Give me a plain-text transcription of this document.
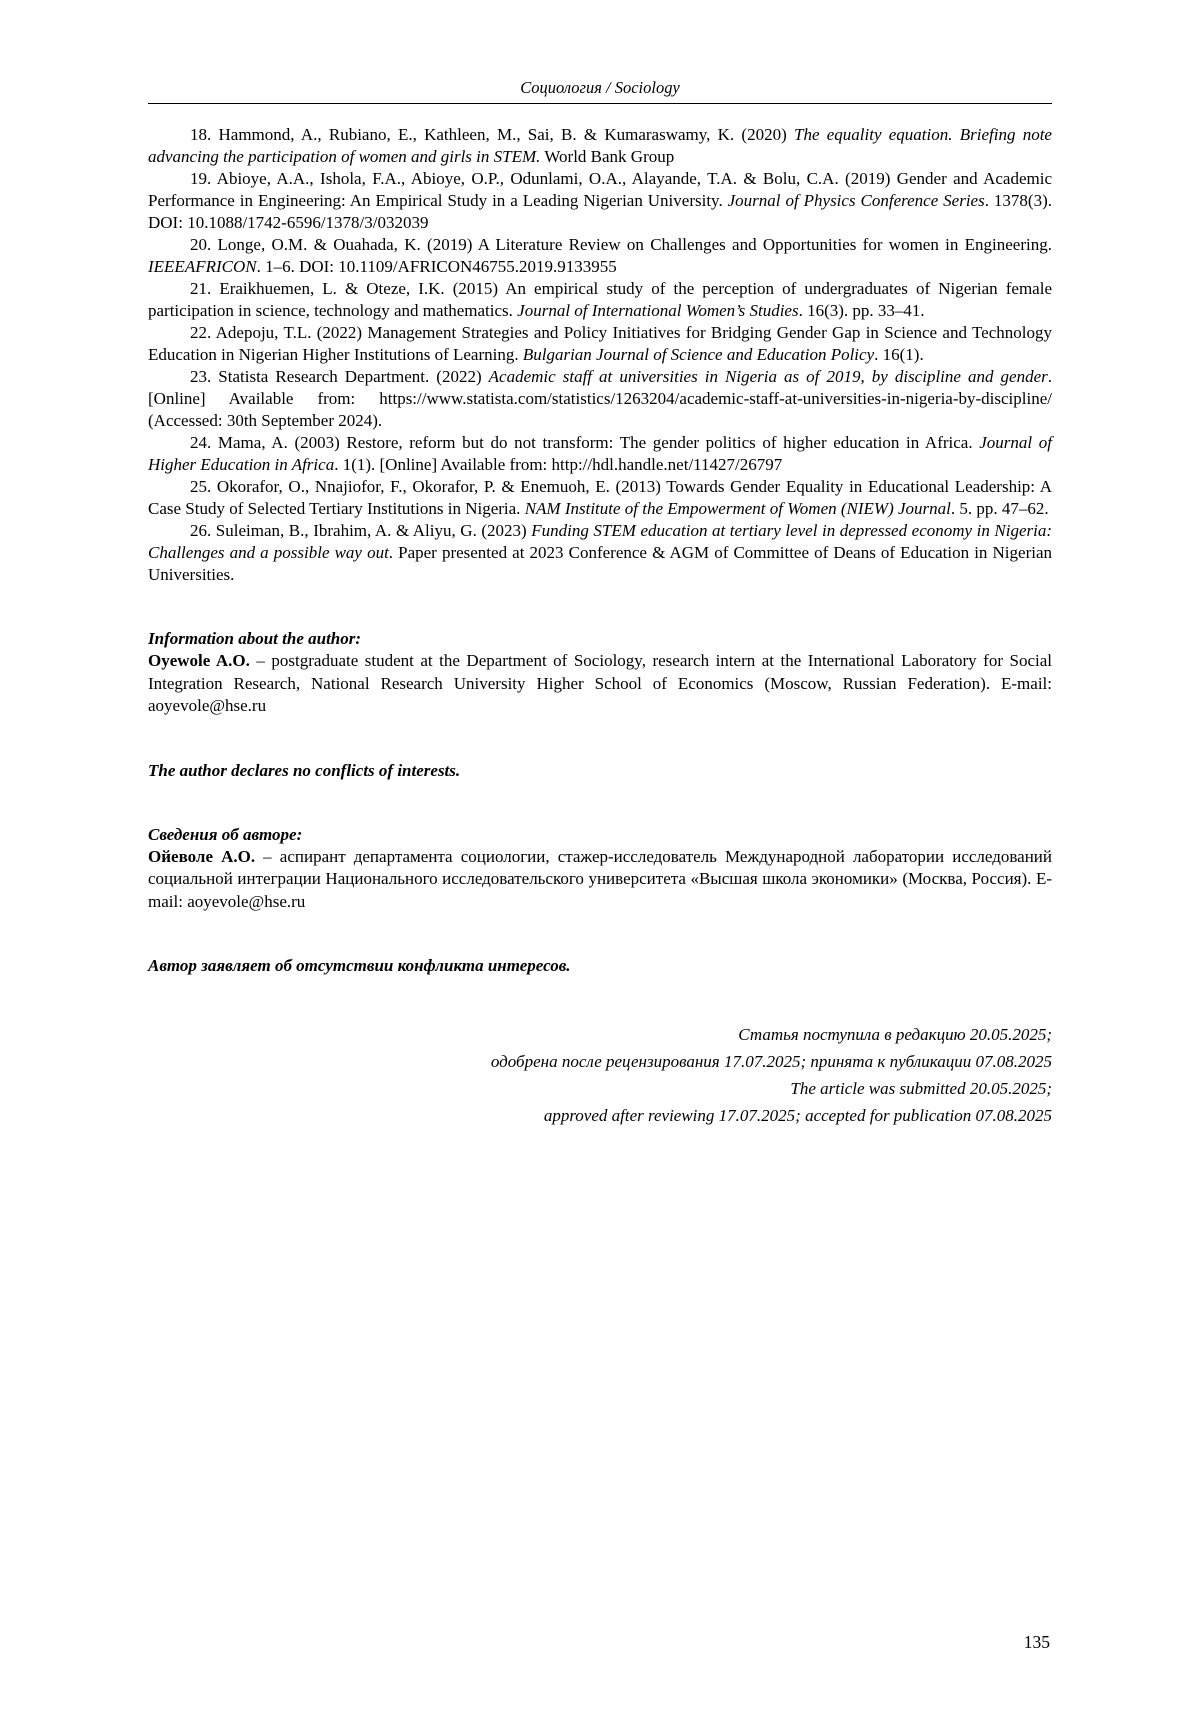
Социология / Sociology

18. Hammond, A., Rubiano, E., Kathleen, M., Sai, B. & Kumaraswamy, K. (2020) The equality equation. Briefing note advancing the participation of women and girls in STEM. World Bank Group

19. Abioye, A.A., Ishola, F.A., Abioye, O.P., Odunlami, O.A., Alayande, T.A. & Bolu, C.A. (2019) Gender and Academic Performance in Engineering: An Empirical Study in a Leading Nigerian University. Journal of Physics Conference Series. 1378(3). DOI: 10.1088/1742-6596/1378/3/032039

20. Longe, O.M. & Ouahada, K. (2019) A Literature Review on Challenges and Opportunities for women in Engineering. IEEEAFRICON. 1–6. DOI: 10.1109/AFRICON46755.2019.9133955

21. Eraikhuemen, L. & Oteze, I.K. (2015) An empirical study of the perception of undergraduates of Nigerian female participation in science, technology and mathematics. Journal of International Women’s Studies. 16(3). pp. 33–41.

22. Adepoju, T.L. (2022) Management Strategies and Policy Initiatives for Bridging Gender Gap in Science and Technology Education in Nigerian Higher Institutions of Learning. Bulgarian Journal of Science and Education Policy. 16(1).

23. Statista Research Department. (2022) Academic staff at universities in Nigeria as of 2019, by discipline and gender. [Online] Available from: https://www.statista.com/statistics/1263204/academic-staff-at-universities-in-nigeria-by-discipline/ (Accessed: 30th September 2024).

24. Mama, A. (2003) Restore, reform but do not transform: The gender politics of higher education in Africa. Journal of Higher Education in Africa. 1(1). [Online] Available from: http://hdl.handle.net/11427/26797

25. Okorafor, O., Nnajiofor, F., Okorafor, P. & Enemuoh, E. (2013) Towards Gender Equality in Educational Leadership: A Case Study of Selected Tertiary Institutions in Nigeria. NAM Institute of the Empowerment of Women (NIEW) Journal. 5. pp. 47–62.

26. Suleiman, B., Ibrahim, A. & Aliyu, G. (2023) Funding STEM education at tertiary level in depressed economy in Nigeria: Challenges and a possible way out. Paper presented at 2023 Conference & AGM of Committee of Deans of Education in Nigerian Universities.

Information about the author:

Oyewole A.O. – postgraduate student at the Department of Sociology, research intern at the International Laboratory for Social Integration Research, National Research University Higher School of Economics (Moscow, Russian Federation). E-mail: aoyevole@hse.ru

The author declares no conflicts of interests.
Сведения об авторе:

Ойеволе А.О. – аспирант департамента социологии, стажер-исследователь Международной лаборатории исследований социальной интеграции Национального исследовательского университета «Высшая школа экономики» (Москва, Россия). E-mail: aoyevole@hse.ru

Автор заявляет об отсутствии конфликта интересов.
Статья поступила в редакцию 20.05.2025;
одобрена после рецензирования 17.07.2025; принята к публикации 07.08.2025
The article was submitted 20.05.2025;
approved after reviewing 17.07.2025; accepted for publication 07.08.2025
135
